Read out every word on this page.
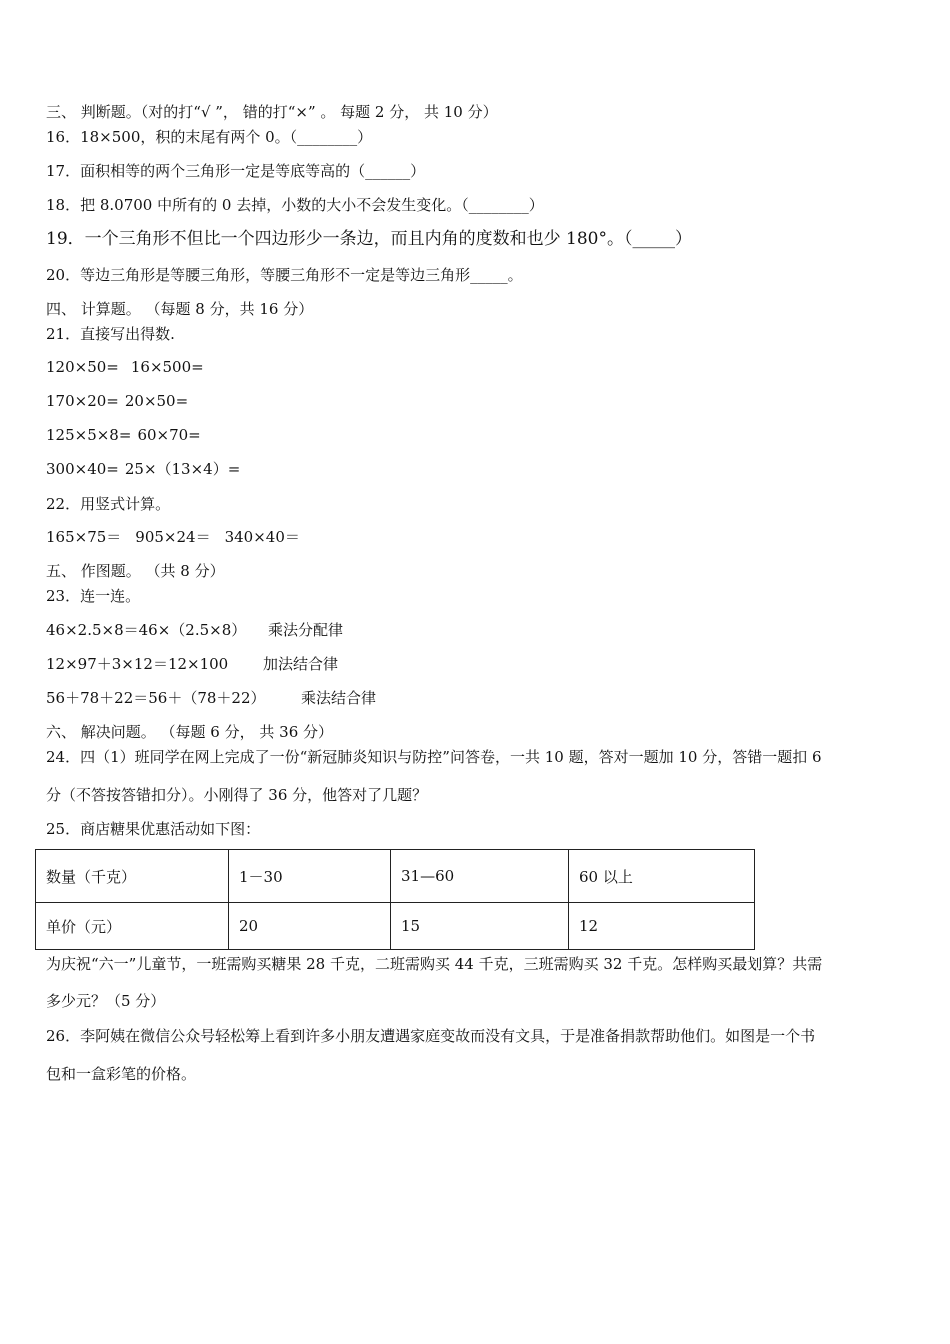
三、 判断题。（对的打“√ ”， 错的打“×” 。 每题 2 分， 共 10 分）
16．18×500，积的末尾有两个 0。（________）
17．面积相等的两个三角形一定是等底等高的（______）
18．把 8.0700 中所有的 0 去掉，小数的大小不会发生变化。（________）
19．一个三角形不但比一个四边形少一条边，而且内角的度数和也少 180°。（_____）
20．等边三角形是等腰三角形，等腰三角形不一定是等边三角形_____。
四、 计算题。 （每题 8 分，共 16 分）
21．直接写出得数.
120×50= 16×500=
170×20= 20×50=
125×5×8= 60×70=
300×40= 25×（13×4）=
22．用竖式计算。
165×75＝ 905×24＝ 340×40＝
五、 作图题。 （共 8 分）
23．连一连。
46×2.5×8＝46×（2.5×8） 乘法分配律
12×97＋3×12＝12×100 加法结合律
56＋78＋22＝56＋（78＋22） 乘法结合律
六、 解决问题。 （每题 6 分， 共 36 分）
24．四（1）班同学在网上完成了一份“新冠肺炎知识与防控”问答卷，一共 10 题，答对一题加 10 分，答错一题扣 6
分（不答按答错扣分）。小刚得了 36 分，他答对了几题？
25．商店糖果优惠活动如下图：
数量（千克）	1－30	31—60	60 以上
单价（元）	20	15	12
为庆祝“六一”儿童节，一班需购买糖果 28 千克，二班需购买 44 千克，三班需购买 32 千克。怎样购买最划算？共需
多少元？（5 分）
26．李阿姨在微信公众号轻松筹上看到许多小朋友遭遇家庭变故而没有文具，于是准备捐款帮助他们。如图是一个书
包和一盒彩笔的价格。
